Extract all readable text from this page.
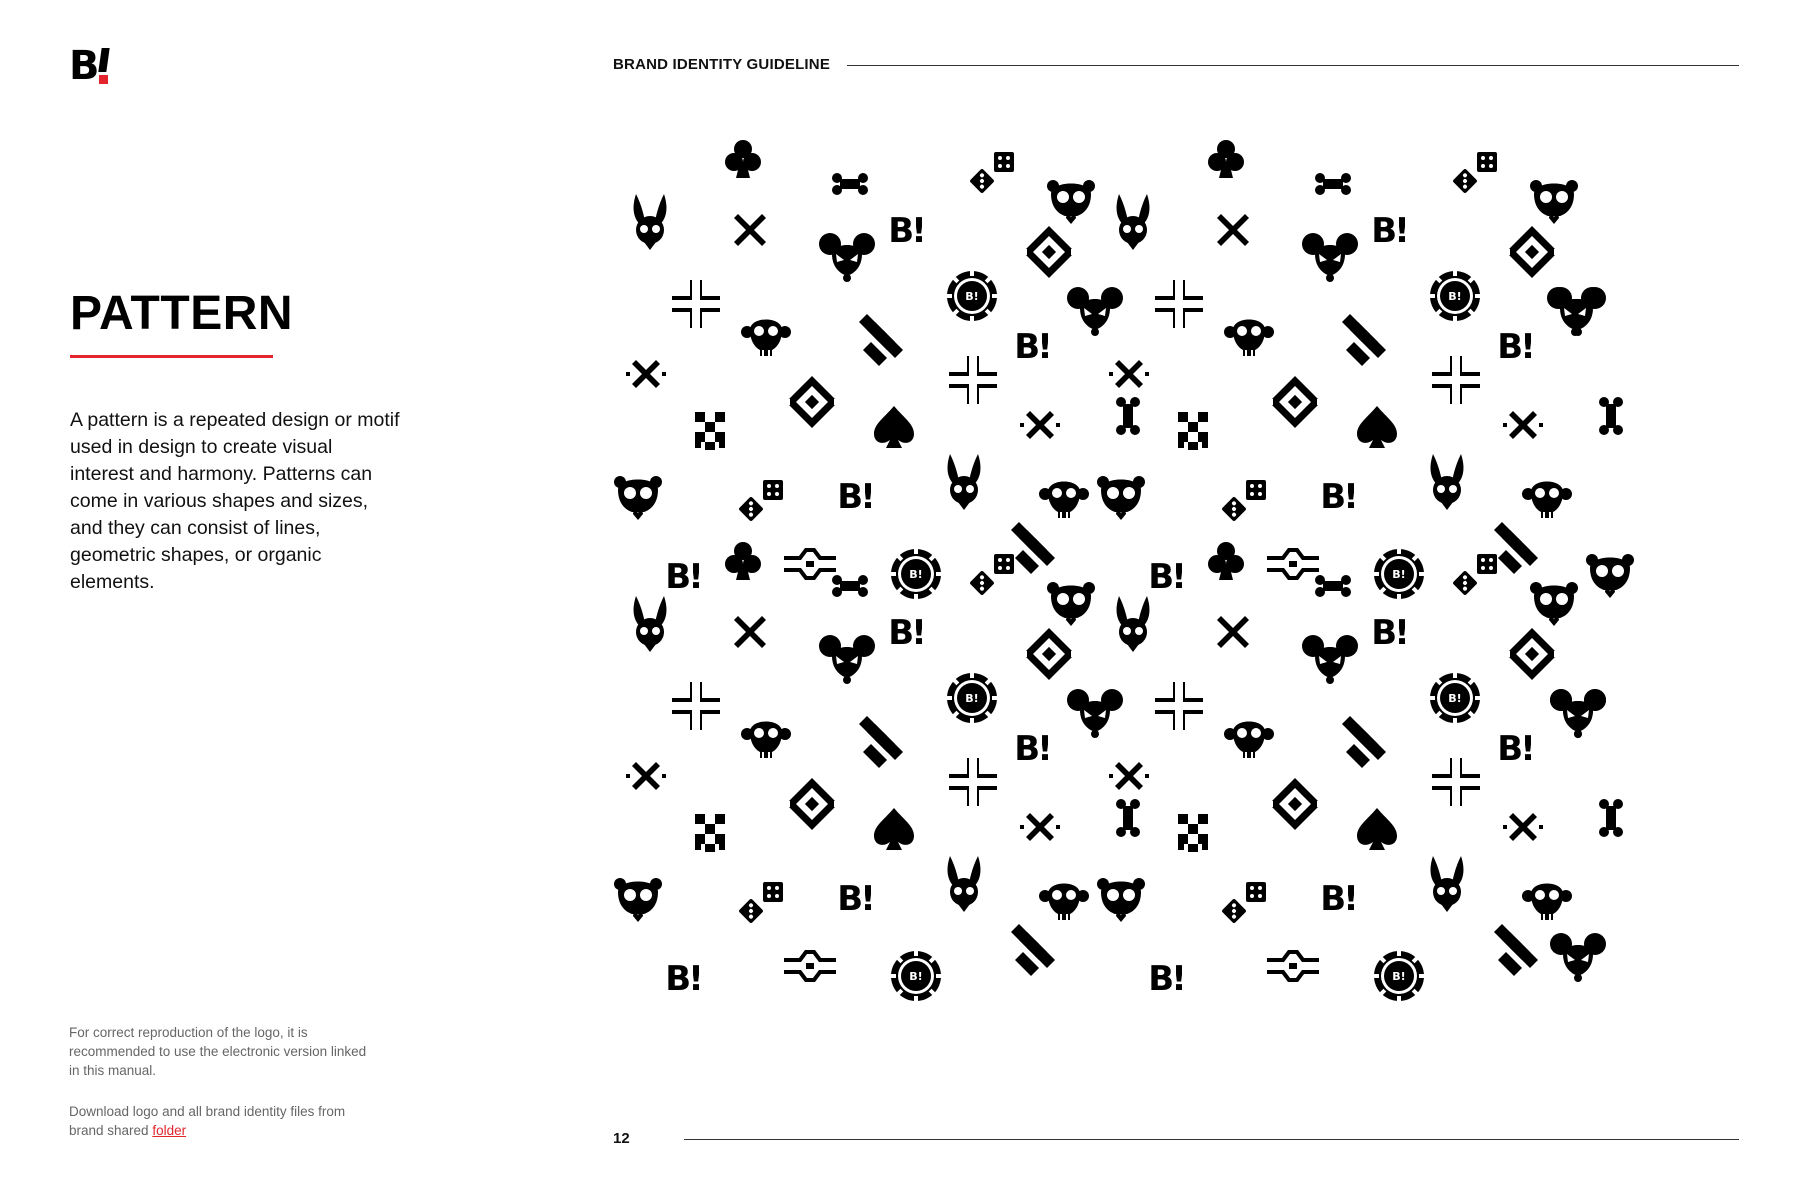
B	BRAND IDENTITY GUIDELINE
PATTERN

A pattern is a repeated design or motif used in design to create visual interest and harmony. Patterns can come in various shapes and sizes, and they can consist of lines, geometric shapes, or organic elements.

For correct reproduction of the logo, it is recommended to use the electronic version linked in this manual.

Download logo and all brand identity files from brand shared folder	12
B!
B!
B!
B!
B!	B!
B!
B!
B!
B!
B!	B!
B!
B!
B!
B!
B!	B!
B!
B!
B!
B!
B!	B!
